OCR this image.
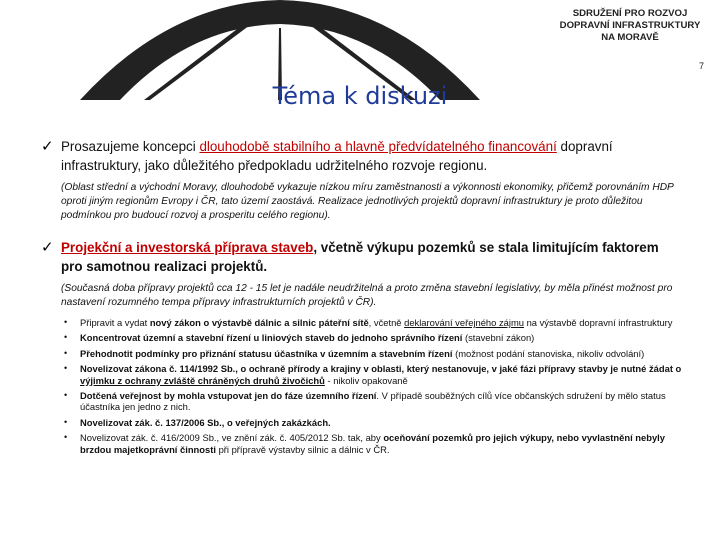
SDRUŽENÍ PRO ROZVOJ
DOPRAVNÍ INFRASTRUKTURY
NA MORAVĚ
7
Téma k diskuzi
✓ Prosazujeme koncepci dlouhodobě stabilního a hlavně předvídatelného financování dopravní infrastruktury, jako důležitého předpokladu udržitelného rozvoje regionu.
(Oblast střední a východní Moravy, dlouhodobě vykazuje nízkou míru zaměstnanosti a výkonnosti ekonomiky, přičemž porovnáním HDP oproti jiným regionům Evropy i ČR, tato území zaostává. Realizace jednotlivých projektů dopravní infrastruktury je proto důležitou podmínkou pro budoucí rozvoj a prosperitu celého regionu).
✓ Projekční a investorská příprava staveb, včetně výkupu pozemků se stala limitujícím faktorem pro samotnou realizaci projektů.
(Současná doba přípravy projektů cca 12 - 15 let je nadále neudržitelná a proto změna stavební legislativy, by měla přinést možnost pro nastavení rozumného tempa přípravy infrastrukturních projektů v ČR).
• Připravit a vydat nový zákon o výstavbě dálnic a silnic páteřní sítě, včetně deklarování veřejného zájmu na výstavbě dopravní infrastruktury
• Koncentrovat územní a stavební řízení u liniových staveb do jednoho správního řízení (stavební zákon)
• Přehodnotit podmínky pro přiznání statusu účastníka v územním a stavebním řízení (možnost podání stanoviska, nikoliv odvolání)
• Novelizovat zákona č. 114/1992 Sb., o ochraně přírody a krajiny v oblasti, který nestanovuje, v jaké fázi přípravy stavby je nutné žádat o výjimku z ochrany zvláště chráněných druhů živočichů - nikoliv opakovaně
• Dotčená veřejnost by mohla vstupovat jen do fáze územního řízení. V případě souběžných cílů více občanských sdružení by mělo status účastníka jen jedno z nich.
• Novelizovat zák. č. 137/2006 Sb., o veřejných zakázkách.
• Novelizovat zák. č. 416/2009 Sb., ve znění zák. č. 405/2012 Sb. tak, aby oceňování pozemků pro jejich výkupy, nebo vyvlastnění nebyly brzdou majetkoprávní činnosti při přípravě výstavby silnic a dálnic v ČR.
